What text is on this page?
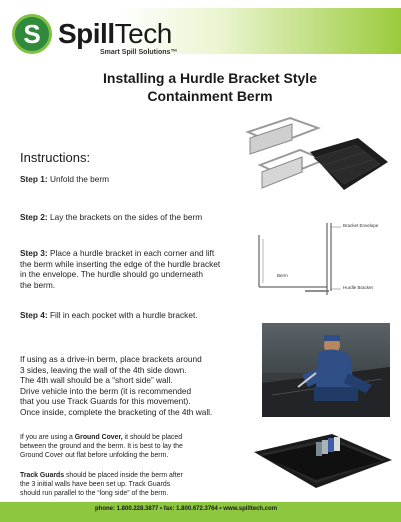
S SpillTech
Smart Spill Solutions™
Installing a Hurdle Bracket Style
Containment Berm
Instructions:
Step 1: Unfold the berm
Step 2: Lay the brackets on the sides of the berm
Step 3: Place a hurdle bracket in each corner and lift
the berm while inserting the edge of the hurdle bracket
in the envelope. The hurdle should go underneath
the berm.
Step 4: Fill in each pocket with a hurdle bracket.
If using as a drive-in berm, place brackets around
3 sides, leaving the wall of the 4th side down.
The 4th wall should be a “short side” wall.
Drive vehicle into the berm (it is recommended
that you use Track Guards for this movement).
Once inside, complete the bracketing of the 4th wall.
If you are using a Ground Cover, it should be placed
between the ground and the berm. It is best to lay the
Ground Cover out flat before unfolding the berm.
Track Guards should be placed inside the berm after
the 3 initial walls have been set up. Track Guards
should run parallel to the “long side” of the berm.
Bracket Envelope
Berm
Hurdle Bracket
phone: 1.800.228.3877 • fax: 1.800.672.3764 • www.spilltech.com
